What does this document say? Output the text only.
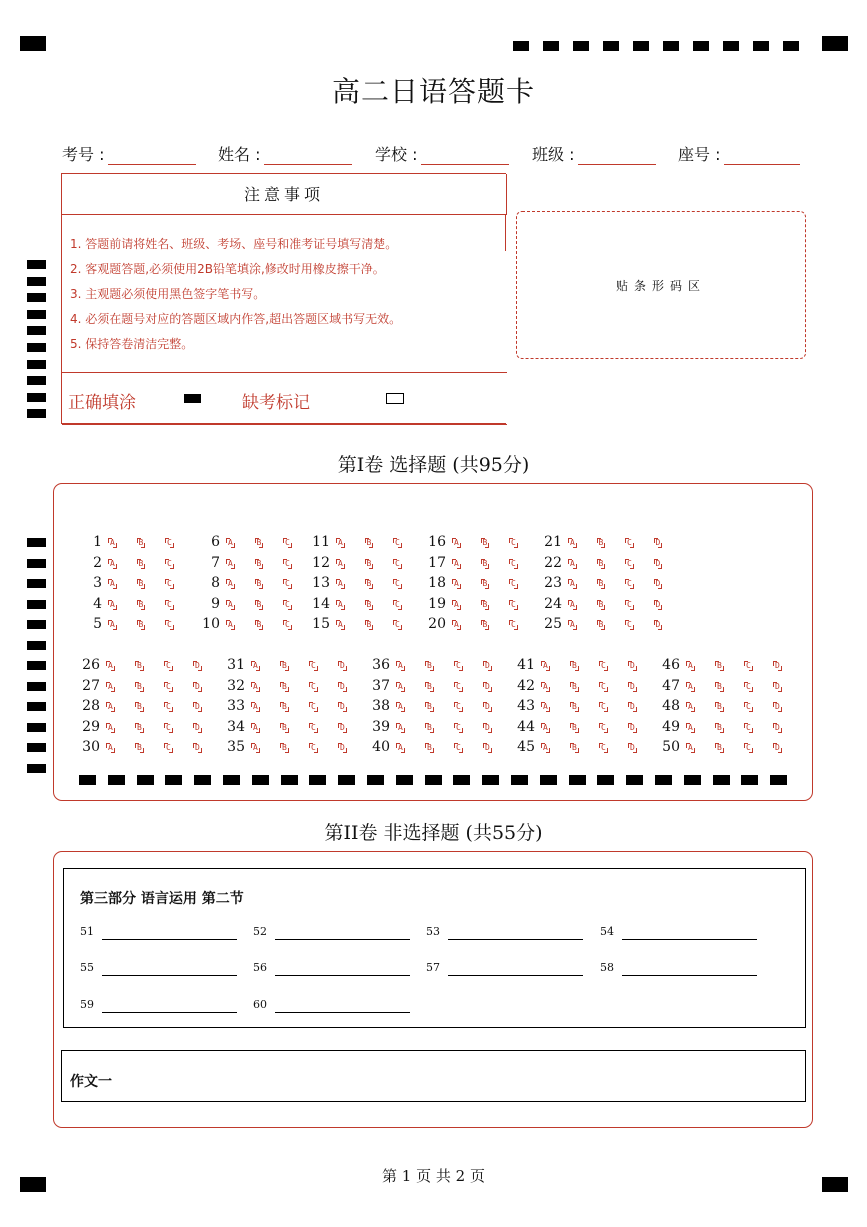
高二日语答题卡
考号 :	姓名 :	学校 :	班级 :	座号 :
注意事项
1. 答题前请将姓名、班级、考场、座号和准考证号填写清楚。
2. 客观题答题,必须使用2B铅笔填涂,修改时用橡皮擦干净。
3. 主观题必须使用黑色签字笔书写。
4. 必须在题号对应的答题区域内作答,超出答题区域书写无效。
5. 保持答卷清洁完整。
正确填涂	缺考标记
贴条形码区
第I卷 选择题 (共95分)
1 A	B	C
2 A	B	C
3 A	B	C
4 A	B	C
5 A	B	C
6 A	B	C
7 A	B	C
8 A	B	C
9 A	B	C
10 A	B	C
11 A	B	C
12 A	B	C
13 A	B	C
14 A	B	C
15 A	B	C
16 A	B	C
17 A	B	C
18 A	B	C
19 A	B	C
20 A	B	C
21 A	B	C	D
22 A	B	C	D
23 A	B	C	D
24 A	B	C	D
25 A	B	C	D
26 A	B	C	D
27 A	B	C	D
28 A	B	C	D
29 A	B	C	D
30 A	B	C	D
31 A	B	C	D
32 A	B	C	D
33 A	B	C	D
34 A	B	C	D
35 A	B	C	D
36 A	B	C	D
37 A	B	C	D
38 A	B	C	D
39 A	B	C	D
40 A	B	C	D
41 A	B	C	D
42 A	B	C	D
43 A	B	C	D
44 A	B	C	D
45 A	B	C	D
46 A	B	C	D
47 A	B	C	D
48 A	B	C	D
49 A	B	C	D
50 A	B	C	D
第II卷 非选择题 (共55分)
第三部分 语言运用 第二节
51	52	53	54
55	56	57	58
59	60
作文一
第 1 页 共 2 页
